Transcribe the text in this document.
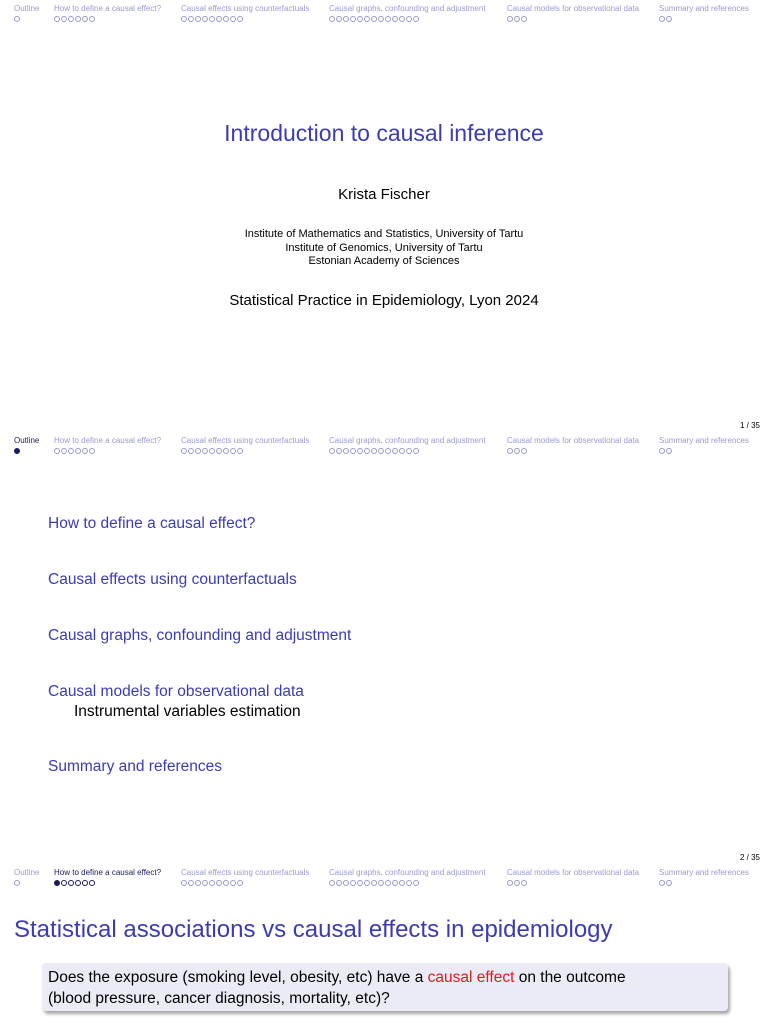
Outline How to define a causal effect? Causal effects using counterfactuals Causal graphs, confounding and adjustment	Causal models for observational data Summary and references
Introduction to causal inference
Krista Fischer
Institute of Mathematics and Statistics, University of Tartu
Institute of Genomics, University of Tartu
Estonian Academy of Sciences
Statistical Practice in Epidemiology, Lyon 2024
1 / 35
Outline How to define a causal effect? Causal effects using counterfactuals Causal graphs, confounding and adjustment	Causal models for observational data Summary and references
How to define a causal effect?
Causal effects using counterfactuals
Causal graphs, confounding and adjustment
Causal models for observational data
Instrumental variables estimation
Summary and references
2 / 35
Outline How to define a causal effect? Causal effects using counterfactuals Causal graphs, confounding and adjustment	Causal models for observational data Summary and references
Statistical associations vs causal effects in epidemiology
Does the exposure (smoking level, obesity, etc) have a causal effect on the outcome
(blood pressure, cancer diagnosis, mortality, etc)?
